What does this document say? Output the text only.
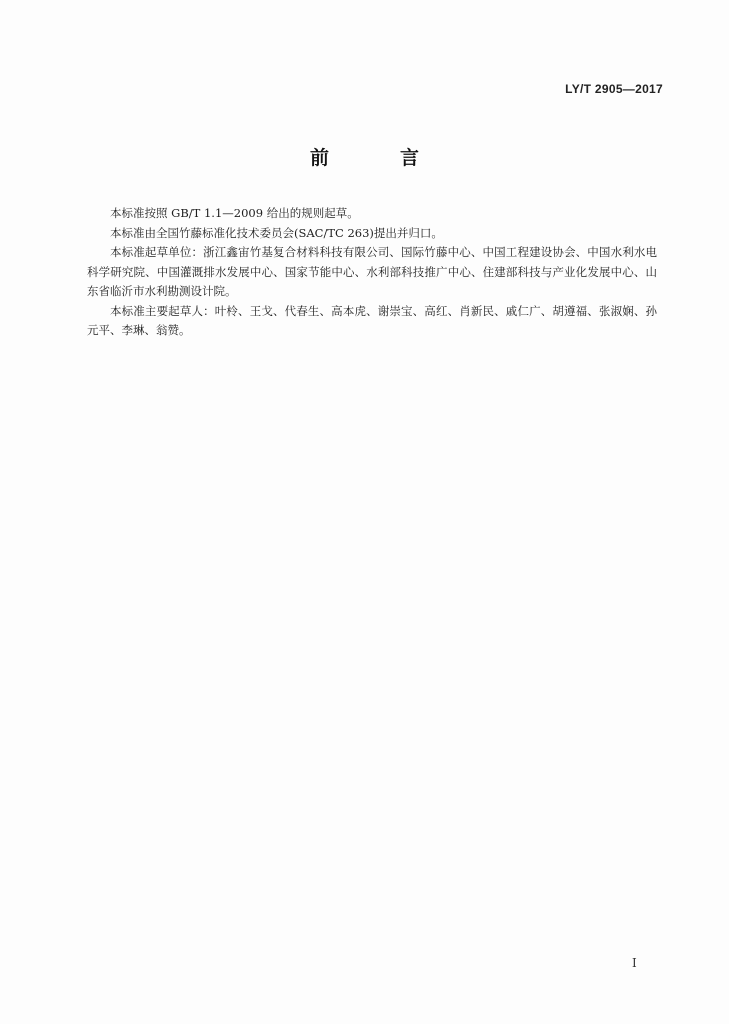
LY/T 2905—2017
前　言

本标准按照 GB/T 1.1—2009 给出的规则起草。

本标准由全国竹藤标准化技术委员会(SAC/TC 263)提出并归口。

本标准起草单位：浙江鑫宙竹基复合材料科技有限公司、国际竹藤中心、中国工程建设协会、中国水利水电科学研究院、中国灌溉排水发展中心、国家节能中心、水利部科技推广中心、住建部科技与产业化发展中心、山东省临沂市水利勘测设计院。

本标准主要起草人：叶柃、王戈、代春生、高本虎、谢崇宝、高红、肖新民、戚仁广、胡遵福、张淑娴、孙元平、李琳、翁赞。

I
